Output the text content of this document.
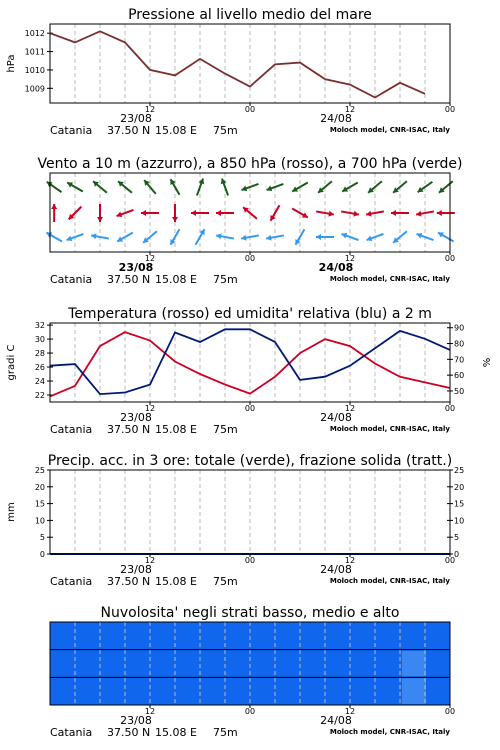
Pressione al livello medio del mare
1009
1010
1011
1012
hPa
12	00	12	00
23/08	24/08
Catania 37.50 N 15.08 E 75m	Moloch model, CNR-ISAC, Italy
Vento a 10 m (azzurro), a 850 hPa (rosso), a 700 hPa (verde)
12	00	12	00
23/08	24/08
Catania 37.50 N 15.08 E 75m	Moloch model, CNR-ISAC, Italy
Temperatura (rosso) ed umidita' relativa (blu) a 2 m
22
24
26
28
30
32
50
60
70
80
90
gradi C	%
12	00	12	00
23/08	24/08
Catania 37.50 N 15.08 E 75m	Moloch model, CNR-ISAC, Italy
Precip. acc. in 3 ore: totale (verde), frazione solida (tratt.)
0
5
10
15
20
25
0
5
10
15
20
25
mm
12	00	12	00
23/08	24/08
Catania 37.50 N 15.08 E 75m	Moloch model, CNR-ISAC, Italy
Nuvolosita' negli strati basso, medio e alto
12	00	12	00
23/08	24/08
Catania 37.50 N 15.08 E 75m	Moloch model, CNR-ISAC, Italy
